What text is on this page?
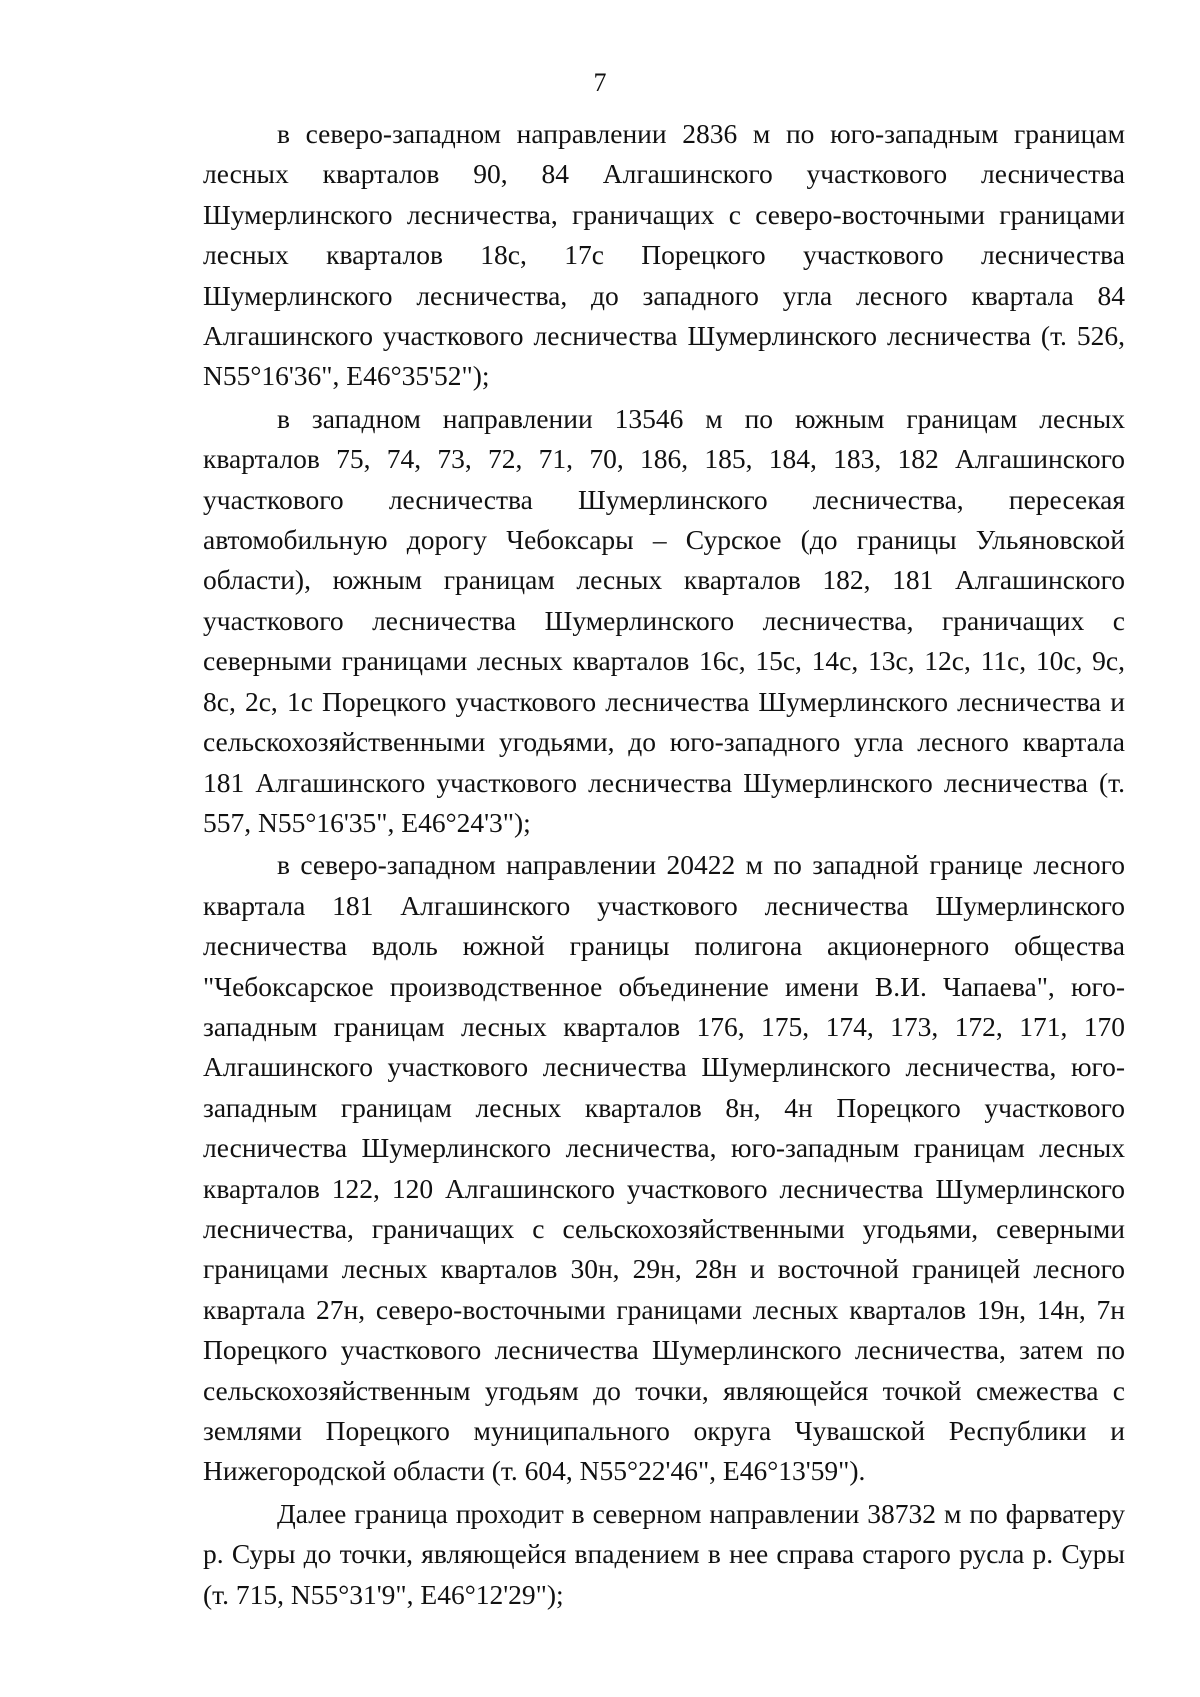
7

в северо-западном направлении 2836 м по юго-западным границам лесных кварталов 90, 84 Алгашинского участкового лесничества Шумерлинского лесничества, граничащих с северо-восточными границами лесных кварталов 18с, 17с Порецкого участкового лесничества Шумерлинского лесничества, до западного угла лесного квартала 84 Алгашинского участкового лесничества Шумерлинского лесничества (т. 526, N55°16'36", E46°35'52");

в западном направлении 13546 м по южным границам лесных кварталов 75, 74, 73, 72, 71, 70, 186, 185, 184, 183, 182 Алгашинского участкового лесничества Шумерлинского лесничества, пересекая автомобильную дорогу Чебоксары – Сурское (до границы Ульяновской области), южным границам лесных кварталов 182, 181 Алгашинского участкового лесничества Шумерлинского лесничества, граничащих с северными границами лесных кварталов 16с, 15с, 14с, 13с, 12с, 11с, 10с, 9с, 8с, 2с, 1с Порецкого участкового лесничества Шумерлинского лесничества и сельскохозяйственными угодьями, до юго-западного угла лесного квартала 181 Алгашинского участкового лесничества Шумерлинского лесничества (т. 557, N55°16'35", E46°24'3");

в северо-западном направлении 20422 м по западной границе лесного квартала 181 Алгашинского участкового лесничества Шумерлинского лесничества вдоль южной границы полигона акционерного общества "Чебоксарское производственное объединение имени В.И. Чапаева", юго-западным границам лесных кварталов 176, 175, 174, 173, 172, 171, 170 Алгашинского участкового лесничества Шумерлинского лесничества, юго-западным границам лесных кварталов 8н, 4н Порецкого участкового лесничества Шумерлинского лесничества, юго-западным границам лесных кварталов 122, 120 Алгашинского участкового лесничества Шумерлинского лесничества, граничащих с сельскохозяйственными угодьями, северными границами лесных кварталов 30н, 29н, 28н и восточной границей лесного квартала 27н, северо-восточными границами лесных кварталов 19н, 14н, 7н Порецкого участкового лесничества Шумерлинского лесничества, затем по сельскохозяйственным угодьям до точки, являющейся точкой смежества с землями Порецкого муниципального округа Чувашской Республики и Нижегородской области (т. 604, N55°22'46", E46°13'59").

Далее граница проходит в северном направлении 38732 м по фарватеру р. Суры до точки, являющейся впадением в нее справа старого русла р. Суры (т. 715, N55°31'9", E46°12'29");
